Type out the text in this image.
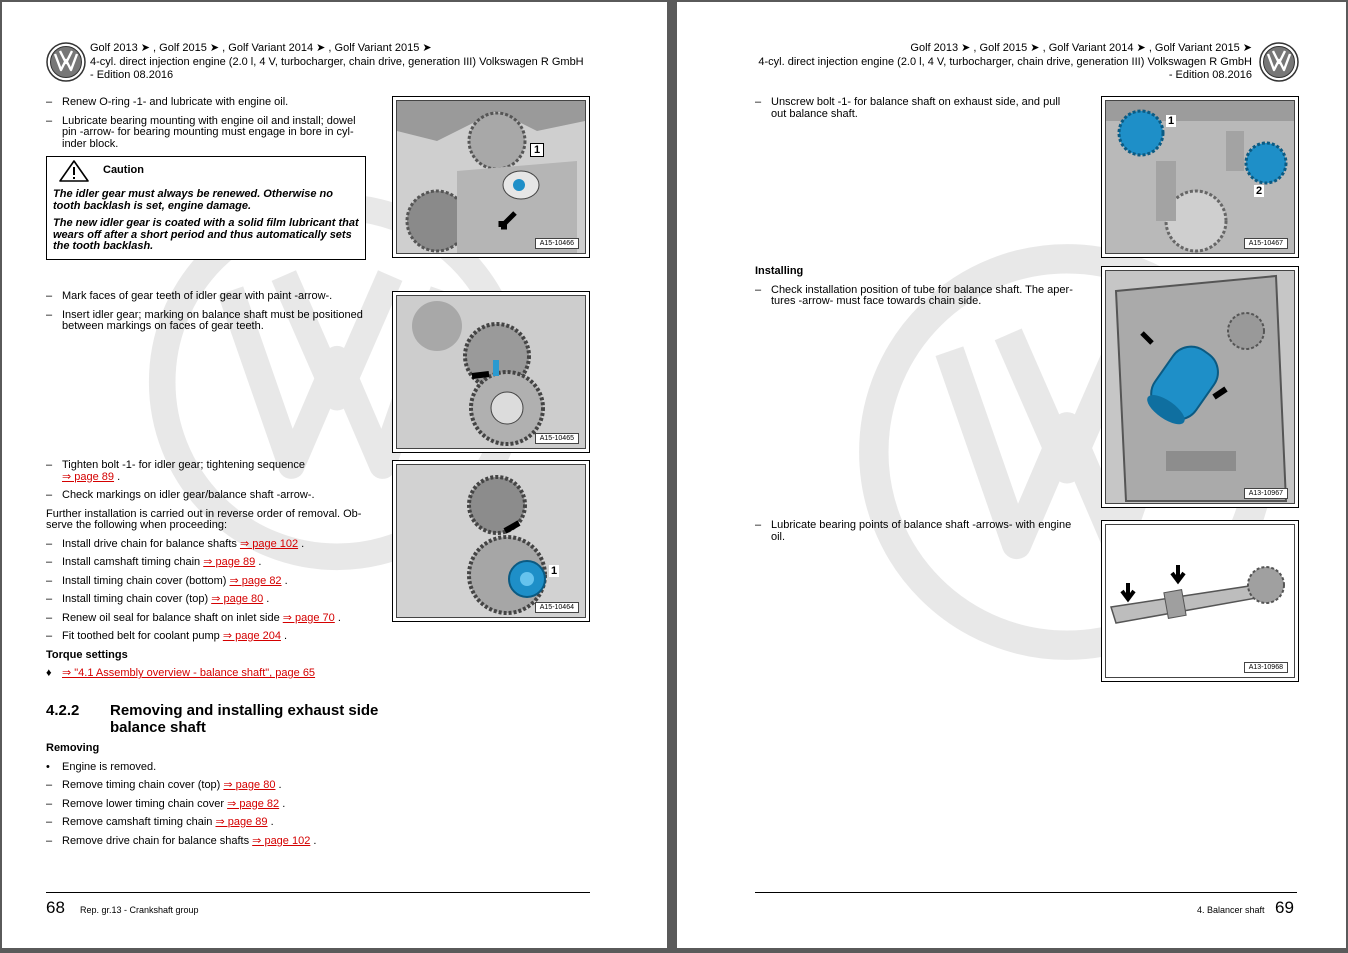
Golf 2013 ➤ , Golf 2015 ➤ , Golf Variant 2014 ➤ , Golf Variant 2015 ➤
4-cyl. direct injection engine (2.0 l, 4 V, turbocharger, chain drive, generation III) Volkswagen R GmbH
- Edition 08.2016
– Renew O-ring -1- and lubricate with engine oil.
– Lubricate bearing mounting with engine oil and install; dowel pin -arrow- for bearing mounting must engage in bore in cyl-inder block.
Caution

The idler gear must always be renewed. Otherwise no tooth backlash is set, engine damage.

The new idler gear is coated with a solid film lubricant that wears off after a short period and thus automatically sets the tooth backlash.

– Mark faces of gear teeth of idler gear with paint -arrow-.
– Insert idler gear; marking on balance shaft must be positioned between markings on faces of gear teeth.
– Tighten bolt -1- for idler gear; tightening sequence
⇒ page 89 .
– Check markings on idler gear/balance shaft -arrow-.
Further installation is carried out in reverse order of removal. Ob-serve the following when proceeding:
– Install drive chain for balance shafts ⇒ page 102 .
– Install camshaft timing chain ⇒ page 89 .
– Install timing chain cover (bottom) ⇒ page 82 .
– Install timing chain cover (top) ⇒ page 80 .
– Renew oil seal for balance shaft on inlet side ⇒ page 70 .
– Fit toothed belt for coolant pump ⇒ page 204 .
Torque settings
♦ ⇒ "4.1 Assembly overview - balance shaft", page 65
4.2.2 Removing and installing exhaust side
balance shaft
Removing
• Engine is removed.
– Remove timing chain cover (top) ⇒ page 80 .
– Remove lower timing chain cover ⇒ page 82 .
– Remove camshaft timing chain ⇒ page 89 .
– Remove drive chain for balance shafts ⇒ page 102 .
1
A15-10466
A15-10465
1
A15-10464
68 Rep. gr.13 - Crankshaft group
Golf 2013 ➤ , Golf 2015 ➤ , Golf Variant 2014 ➤ , Golf Variant 2015 ➤
4-cyl. direct injection engine (2.0 l, 4 V, turbocharger, chain drive, generation III) Volkswagen R GmbH
- Edition 08.2016
– Unscrew bolt -1- for balance shaft on exhaust side, and pull out balance shaft.
Installing
– Check installation position of tube for balance shaft. The aper-tures -arrow- must face towards chain side.
– Lubricate bearing points of balance shaft -arrows- with engine oil.
1
2
A15-10467
A13-10967
A13-10968
4. Balancer shaft 69
